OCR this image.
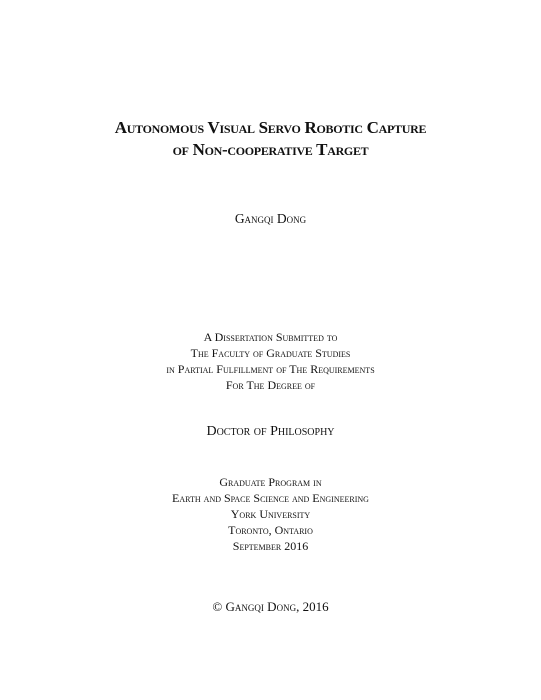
Autonomous Visual Servo Robotic Capture
of Non-cooperative Target
Gangqi Dong
A Dissertation Submitted to
The Faculty of Graduate Studies
in Partial Fulfillment of The Requirements
For The Degree of
Doctor of Philosophy
Graduate Program in
Earth and Space Science and Engineering
York University
Toronto, Ontario
September 2016
© Gangqi Dong, 2016
